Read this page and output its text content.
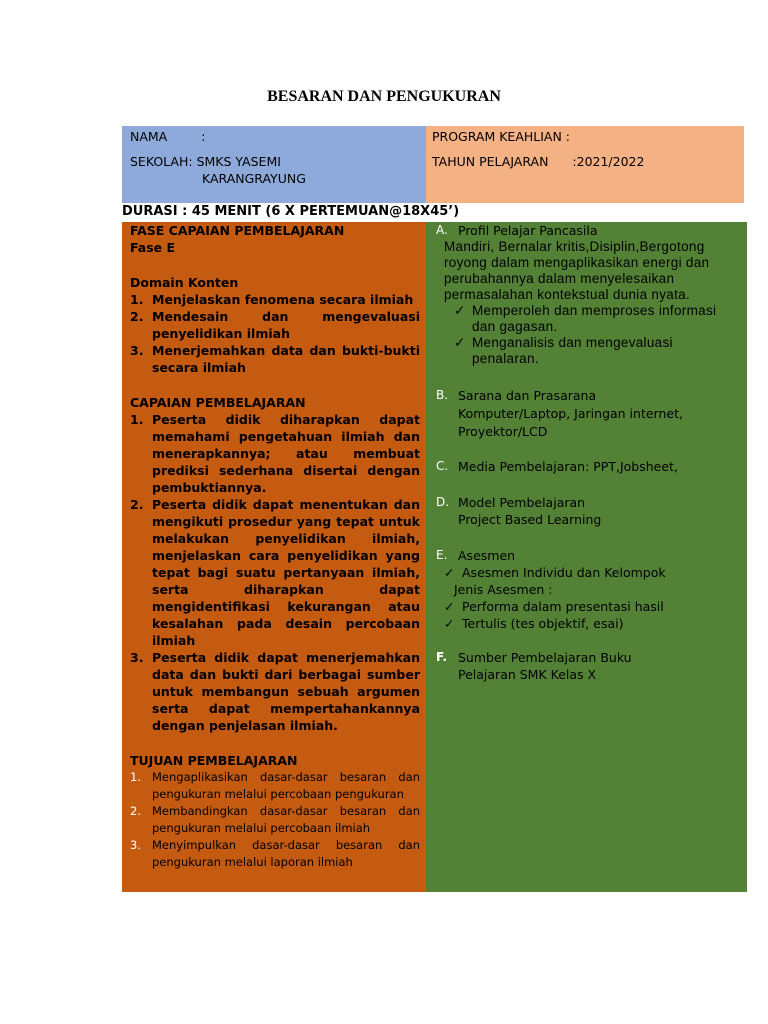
BESARAN DAN PENGUKURAN
NAMA	:
SEKOLAH: SMKS YASEMI
KARANGRAYUNG
PROGRAM KEAHLIAN :
TAHUN PELAJARAN :2021/2022
DURASI : 45 MENIT (6 X PERTEMUAN@18X45’)
FASE CAPAIAN PEMBELAJARAN
Fase E
Domain Konten
1. Menjelaskan fenomena secara ilmiah
2. Mendesain dan mengevaluasi penyelidikan ilmiah
3. Menerjemahkan data dan bukti-bukti secara ilmiah
CAPAIAN PEMBELAJARAN
1. Peserta didik diharapkan dapat memahami pengetahuan ilmiah dan menerapkannya; atau membuat prediksi sederhana disertai dengan pembuktiannya.
2. Peserta didik dapat menentukan dan mengikuti prosedur yang tepat untuk melakukan penyelidikan ilmiah, menjelaskan cara penyelidikan yang tepat bagi suatu pertanyaan ilmiah, serta diharapkan dapat mengidentifikasi kekurangan atau kesalahan pada desain percobaan ilmiah
3. Peserta didik dapat menerjemahkan data dan bukti dari berbagai sumber untuk membangun sebuah argumen serta dapat mempertahankannya dengan penjelasan ilmiah.
TUJUAN PEMBELAJARAN
1. Mengaplikasikan dasar-dasar besaran dan pengukuran melalui percobaan pengukuran
2. Membandingkan dasar-dasar besaran dan pengukuran melalui percobaan ilmiah
3. Menyimpulkan dasar-dasar besaran dan pengukuran melalui laporan ilmiah
A. Profil Pelajar Pancasila
Mandiri, Bernalar kritis,Disiplin,Bergotong royong dalam mengaplikasikan energi dan perubahannya dalam menyelesaikan permasalahan kontekstual dunia nyata.
✓ Memperoleh dan memproses informasi dan gagasan.
✓ Menganalisis dan mengevaluasi penalaran.
B. Sarana dan Prasarana
Komputer/Laptop, Jaringan internet, Proyektor/LCD
C. Media Pembelajaran: PPT,Jobsheet,
D. Model Pembelajaran
Project Based Learning
E. Asesmen
✓ Asesmen Individu dan Kelompok
Jenis Asesmen :
✓ Performa dalam presentasi hasil
✓ Tertulis (tes objektif, esai)
F. Sumber Pembelajaran Buku Pelajaran SMK Kelas X
